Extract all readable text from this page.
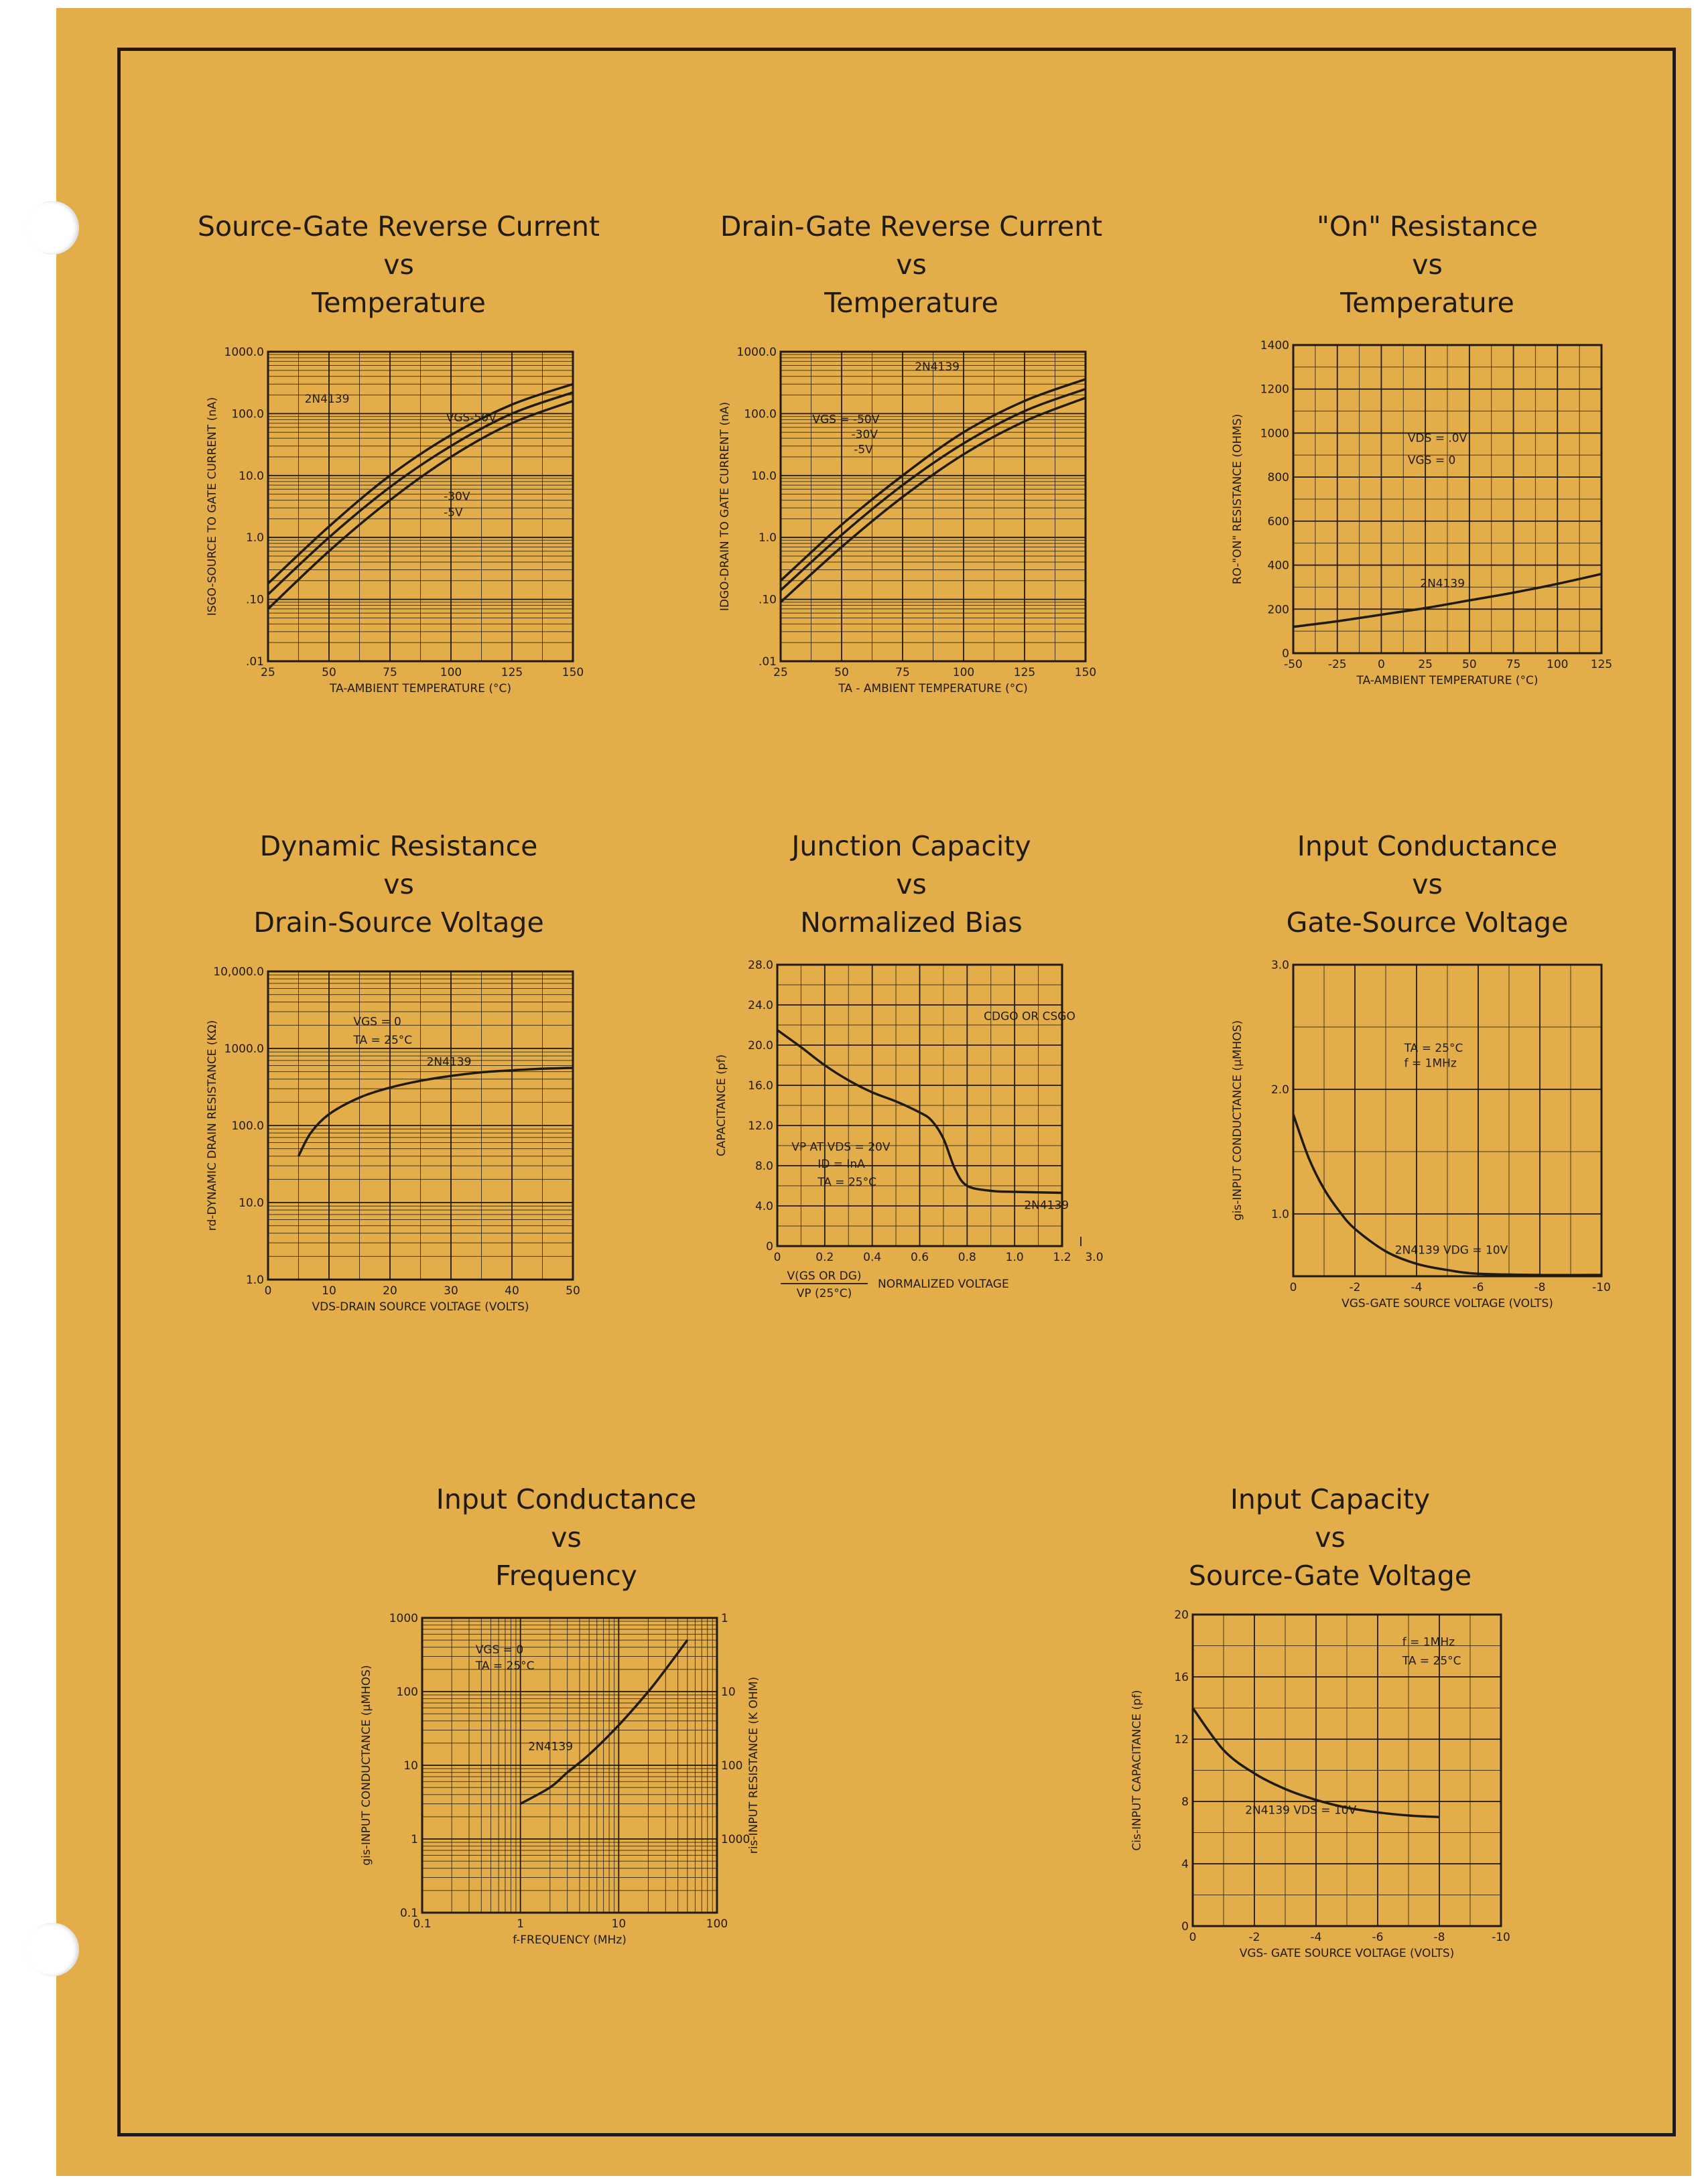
Source-Gate Reverse Current
vs
Temperature
25	50	75	100	125	150
.01
.10
1.0
10.0
100.0
1000.0
TA-AMBIENT TEMPERATURE (°C)
ISGO-SOURCE TO GATE CURRENT (nA)	2N4139
VGS-50V
-30V
-5V
Drain-Gate Reverse Current
vs
Temperature
25	50	75	100	125	150
.01
.10
1.0
10.0
100.0
1000.0
TA - AMBIENT TEMPERATURE (°C)
IDGO-DRAIN TO GATE CURRENT (nA)
2N4139
VGS = -50V
-30V
-5V
"On" Resistance
vs
Temperature
-50 -25	0	25	50	75 100 125
0
200
400
600
800
1000
1200
1400
TA-AMBIENT TEMPERATURE (°C)
RO-"ON" RESISTANCE (OHMS)	VDS = .0V
VGS = 0
2N4139
Dynamic Resistance
vs
Drain-Source Voltage
0	10	20	30	40	50
1.0
10.0
100.0
1000.0
10,000.0
VDS-DRAIN SOURCE VOLTAGE (VOLTS)
rd-DYNAMIC DRAIN RESISTANCE (KΩ)	VGS = 0
TA = 25°C
2N4139
Junction Capacity
vs
Normalized Bias
0	0.2	0.4	0.6	0.8	1.0	1.2
0
4.0
8.0
12.0
16.0
20.0
24.0
28.0
3.0
V(GS OR DG)
VP (25°C)
NORMALIZED VOLTAGE
CAPACITANCE (pf)
CDGO OR CSGO
VP AT VDS = 20V
ID = InA
TA = 25°C
2N4139
Input Conductance
vs
Gate-Source Voltage
0	-2	-4	-6	-8	-10
1.0
2.0
3.0
VGS-GATE SOURCE VOLTAGE (VOLTS)
gis-INPUT CONDUCTANCE (μMHOS)	TA = 25°C
f = 1MHz
2N4139 VDG = 10V
Input Conductance
vs
Frequency
0.1	1	10	100
0.1
1
10
100
1000	1
10
100
1000
ris-INPUT RESISTANCE (K OHM)
f-FREQUENCY (MHz)
gis-INPUT CONDUCTANCE (μMHOS)
VGS = 0
TA = 25°C
2N4139
Input Capacity
vs
Source-Gate Voltage
0	-2	-4	-6	-8	-10
0
4
8
12
16
20
VGS- GATE SOURCE VOLTAGE (VOLTS)
Cis-INPUT CAPACITANCE (pf)
f = 1MHz
TA = 25°C
2N4139 VDS = 10V
